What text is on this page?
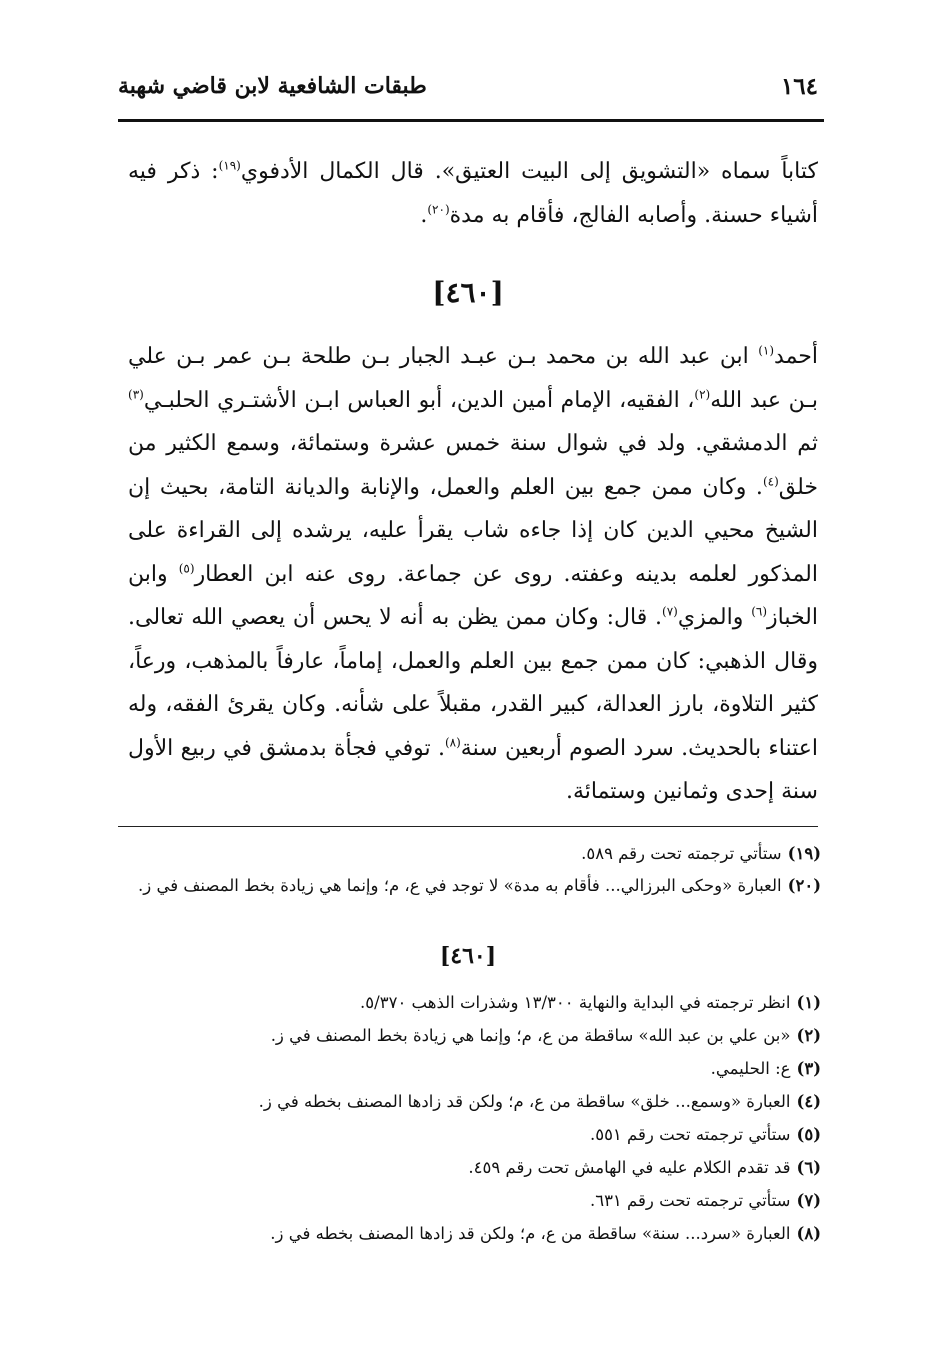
١٦٤
طبقات الشافعية لابن قاضي شهبة

كتاباً سماه «التشويق إلى البيت العتيق». قال الكمال الأدفوي$^{(١٩)}$: ذكر فيه أشياء حسنة. وأصابه الفالج، فأقام به مدة$^{(٢٠)}$.

[٤٦٠]

أحمد$^{(١)}$ ابن عبد الله بن محمد بـن عبـد الجبار بـن طلحة بـن عمر بـن علي بـن عبد الله$^{(٢)}$، الفقيه، الإمام أمين الدين، أبو العباس ابـن الأشتـري الحلبـي$^{(٣)}$ ثم الدمشقي. ولد في شوال سنة خمس عشرة وستمائة، وسمع الكثير من خلق$^{(٤)}$. وكان ممن جمع بين العلم والعمل، والإنابة والديانة التامة، بحيث إن الشيخ محيي الدين كان إذا جاءه شاب يقرأ عليه، يرشده إلى القراءة على المذكور لعلمه بدينه وعفته. روى عن جماعة. روى عنه ابن العطار$^{(٥)}$ وابن الخباز$^{(٦)}$ والمزي$^{(٧)}$. قال: وكان ممن يظن به أنه لا يحس أن يعصي الله تعالى. وقال الذهبي: كان ممن جمع بين العلم والعمل، إماماً، عارفاً بالمذهب، ورعاً، كثير التلاوة، بارز العدالة، كبير القدر، مقبلاً على شأنه. وكان يقرئ الفقه، وله اعتناء بالحديث. سرد الصوم أربعين سنة$^{(٨)}$. توفي فجأة بدمشق في ربيع الأول سنة إحدى وثمانين وستمائة.

(١٩)ستأتي ترجمته تحت رقم ٥٨٩.

(٢٠)العبارة «وحكى البرزالي... فأقام به مدة» لا توجد في ع، م؛ وإنما هي زيادة بخط المصنف في ز.

[٤٦٠]

(١)انظر ترجمته في البداية والنهاية ١٣/٣٠٠ وشذرات الذهب ٥/٣٧٠.

(٢)«بن علي بن عبد الله» ساقطة من ع، م؛ وإنما هي زيادة بخط المصنف في ز.

(٣)ع: الحليمي.

(٤)العبارة «وسمع... خلق» ساقطة من ع، م؛ ولكن قد زادها المصنف بخطه في ز.

(٥)ستأتي ترجمته تحت رقم ٥٥١.

(٦)قد تقدم الكلام عليه في الهامش تحت رقم ٤٥٩.

(٧)ستأتي ترجمته تحت رقم ٦٣١.

(٨)العبارة «سرد... سنة» ساقطة من ع، م؛ ولكن قد زادها المصنف بخطه في ز.
